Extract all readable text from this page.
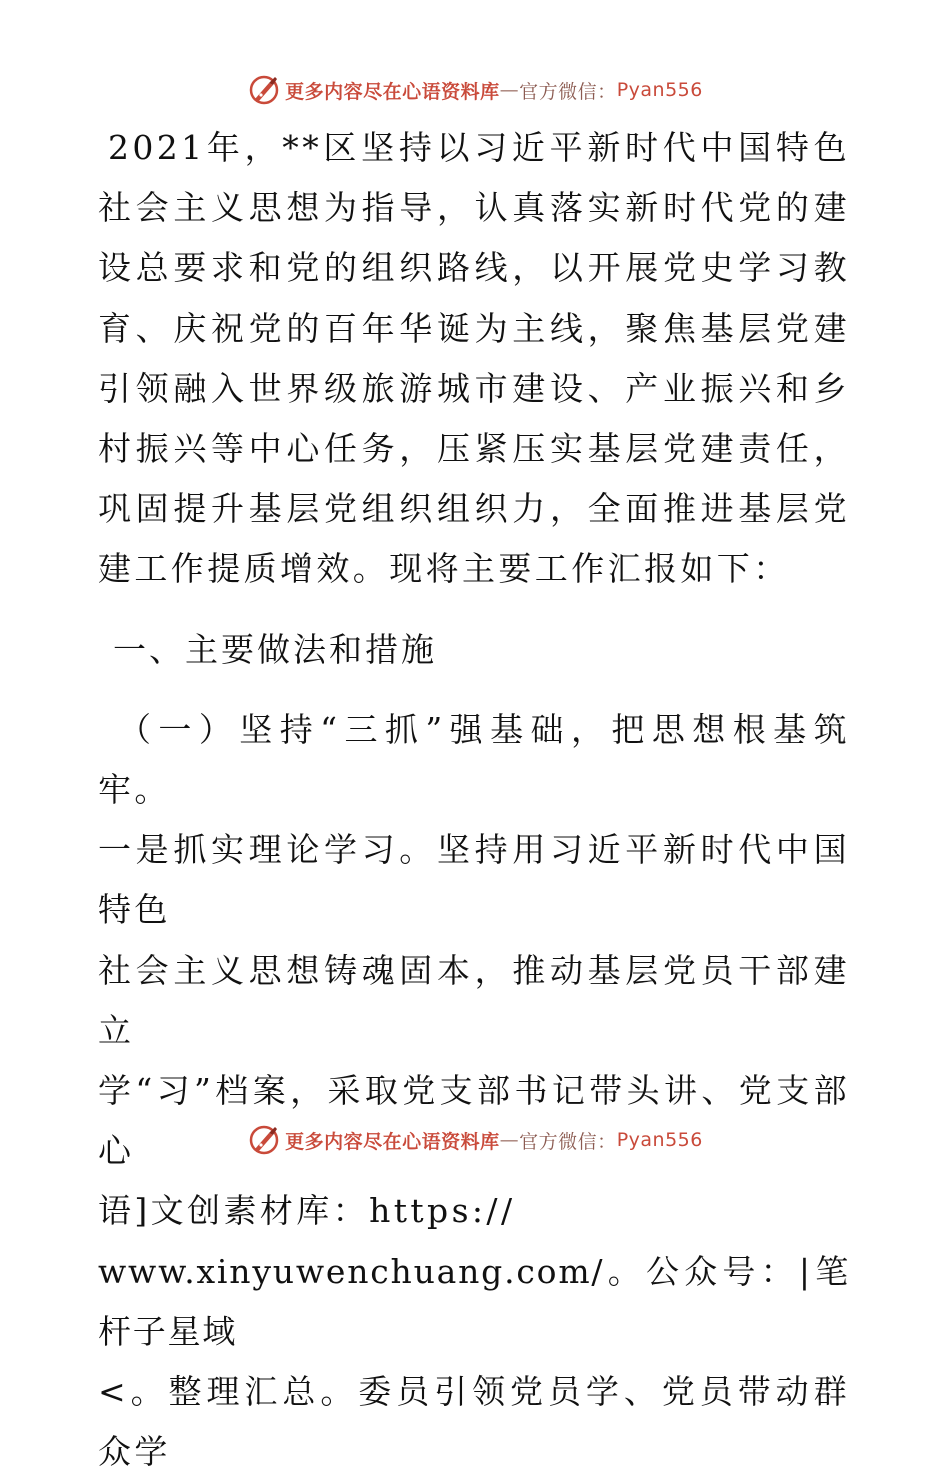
更多内容尽在心语资料库 — 官方微信： Pyan556

2021年，**区坚持以习近平新时代中国特色社会主义思想为指导，认真落实新时代党的建设总要求和党的组织路线，以开展党史学习教育、庆祝党的百年华诞为主线，聚焦基层党建引领融入世界级旅游城市建设、产业振兴和乡村振兴等中心任务，压紧压实基层党建责任，巩固提升基层党组织组织力，全面推进基层党建工作提质增效。现将主要工作汇报如下：

一、主要做法和措施

（一）坚持“三抓”强基础，把思想根基筑牢。

一是抓实理论学习。坚持用习近平新时代中国特色

社会主义思想铸魂固本，推动基层党员干部建立

学“习”档案，采取党支部书记带头讲、党支部心

语]文创素材库：https://

www.xinyuwenchuang.com/。公众号：|笔杆子星域

<。整理汇总。委员引领党员学、党员带动群众学

更多内容尽在心语资料库 — 官方微信： Pyan556
